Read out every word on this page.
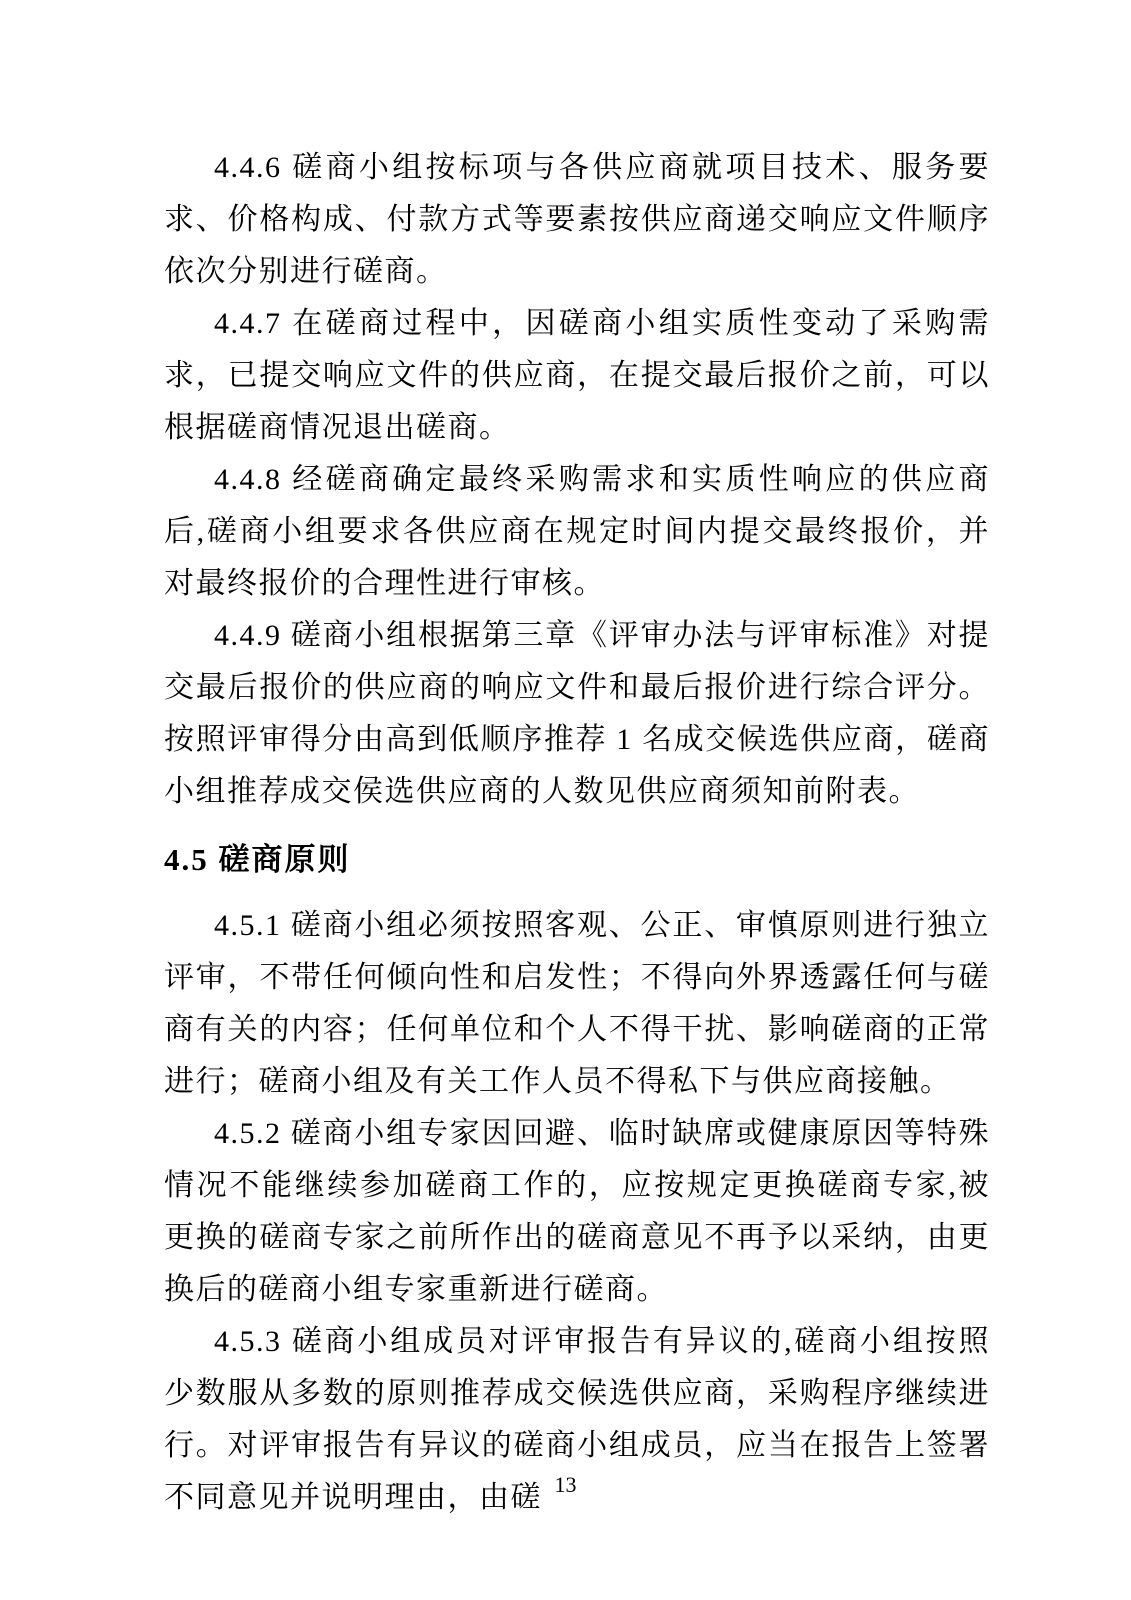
4.4.6 磋商小组按标项与各供应商就项目技术、服务要求、价格构成、付款方式等要素按供应商递交响应文件顺序依次分别进行磋商。

4.4.7 在磋商过程中，因磋商小组实质性变动了采购需求，已提交响应文件的供应商，在提交最后报价之前，可以根据磋商情况退出磋商。

4.4.8 经磋商确定最终采购需求和实质性响应的供应商后,磋商小组要求各供应商在规定时间内提交最终报价，并对最终报价的合理性进行审核。

4.4.9 磋商小组根据第三章《评审办法与评审标准》对提交最后报价的供应商的响应文件和最后报价进行综合评分。按照评审得分由高到低顺序推荐 1 名成交候选供应商，磋商小组推荐成交侯选供应商的人数见供应商须知前附表。

4.5 磋商原则

4.5.1 磋商小组必须按照客观、公正、审慎原则进行独立评审，不带任何倾向性和启发性；不得向外界透露任何与磋商有关的内容；任何单位和个人不得干扰、影响磋商的正常进行；磋商小组及有关工作人员不得私下与供应商接触。

4.5.2 磋商小组专家因回避、临时缺席或健康原因等特殊情况不能继续参加磋商工作的，应按规定更换磋商专家,被更换的磋商专家之前所作出的磋商意见不再予以采纳，由更换后的磋商小组专家重新进行磋商。

4.5.3 磋商小组成员对评审报告有异议的,磋商小组按照少数服从多数的原则推荐成交候选供应商，采购程序继续进行。对评审报告有异议的磋商小组成员，应当在报告上签署不同意见并说明理由，由磋 13
